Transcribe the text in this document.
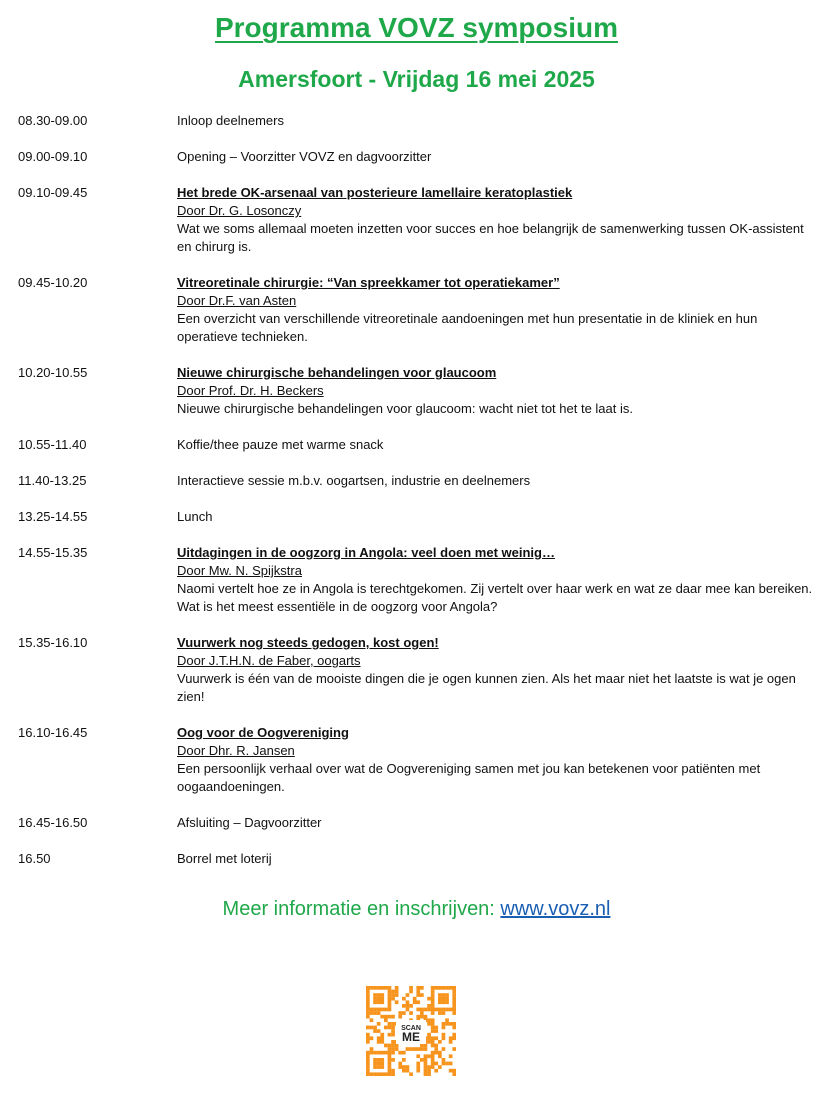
Programma VOVZ symposium
Amersfoort - Vrijdag 16 mei 2025
08.30-09.00	Inloop deelnemers
09.00-09.10	Opening – Voorzitter VOVZ en dagvoorzitter
09.10-09.45	Het brede OK-arsenaal van posterieure lamellaire keratoplastiek
Door Dr. G. Losonczy
Wat we soms allemaal moeten inzetten voor succes en hoe belangrijk de samenwerking tussen OK-assistent en chirurg is.
09.45-10.20	Vitreoretinale chirurgie: “Van spreekkamer tot operatiekamer”
Door Dr.F. van Asten
Een overzicht van verschillende vitreoretinale aandoeningen met hun presentatie in de kliniek en hun operatieve technieken.
10.20-10.55	Nieuwe chirurgische behandelingen voor glaucoom
Door Prof. Dr. H. Beckers
Nieuwe chirurgische behandelingen voor glaucoom: wacht niet tot het te laat is.
10.55-11.40	Koffie/thee pauze met warme snack
11.40-13.25	Interactieve sessie m.b.v. oogartsen, industrie en deelnemers
13.25-14.55	Lunch
14.55-15.35	Uitdagingen in de oogzorg in Angola: veel doen met weinig…
Door Mw. N. Spijkstra
Naomi vertelt hoe ze in Angola is terechtgekomen. Zij vertelt over haar werk en wat ze daar mee kan bereiken. Wat is het meest essentiële in de oogzorg voor Angola?
15.35-16.10	Vuurwerk nog steeds gedogen, kost ogen!
Door J.T.H.N. de Faber, oogarts
Vuurwerk is één van de mooiste dingen die je ogen kunnen zien. Als het maar niet het laatste is wat je ogen zien!
16.10-16.45	Oog voor de Oogvereniging
Door Dhr. R. Jansen
Een persoonlijk verhaal over wat de Oogvereniging samen met jou kan betekenen voor patiënten met oogaandoeningen.
16.45-16.50	Afsluiting – Dagvoorzitter
16.50	Borrel met loterij
Meer informatie en inschrijven: www.vovz.nl
SCAN
ME
